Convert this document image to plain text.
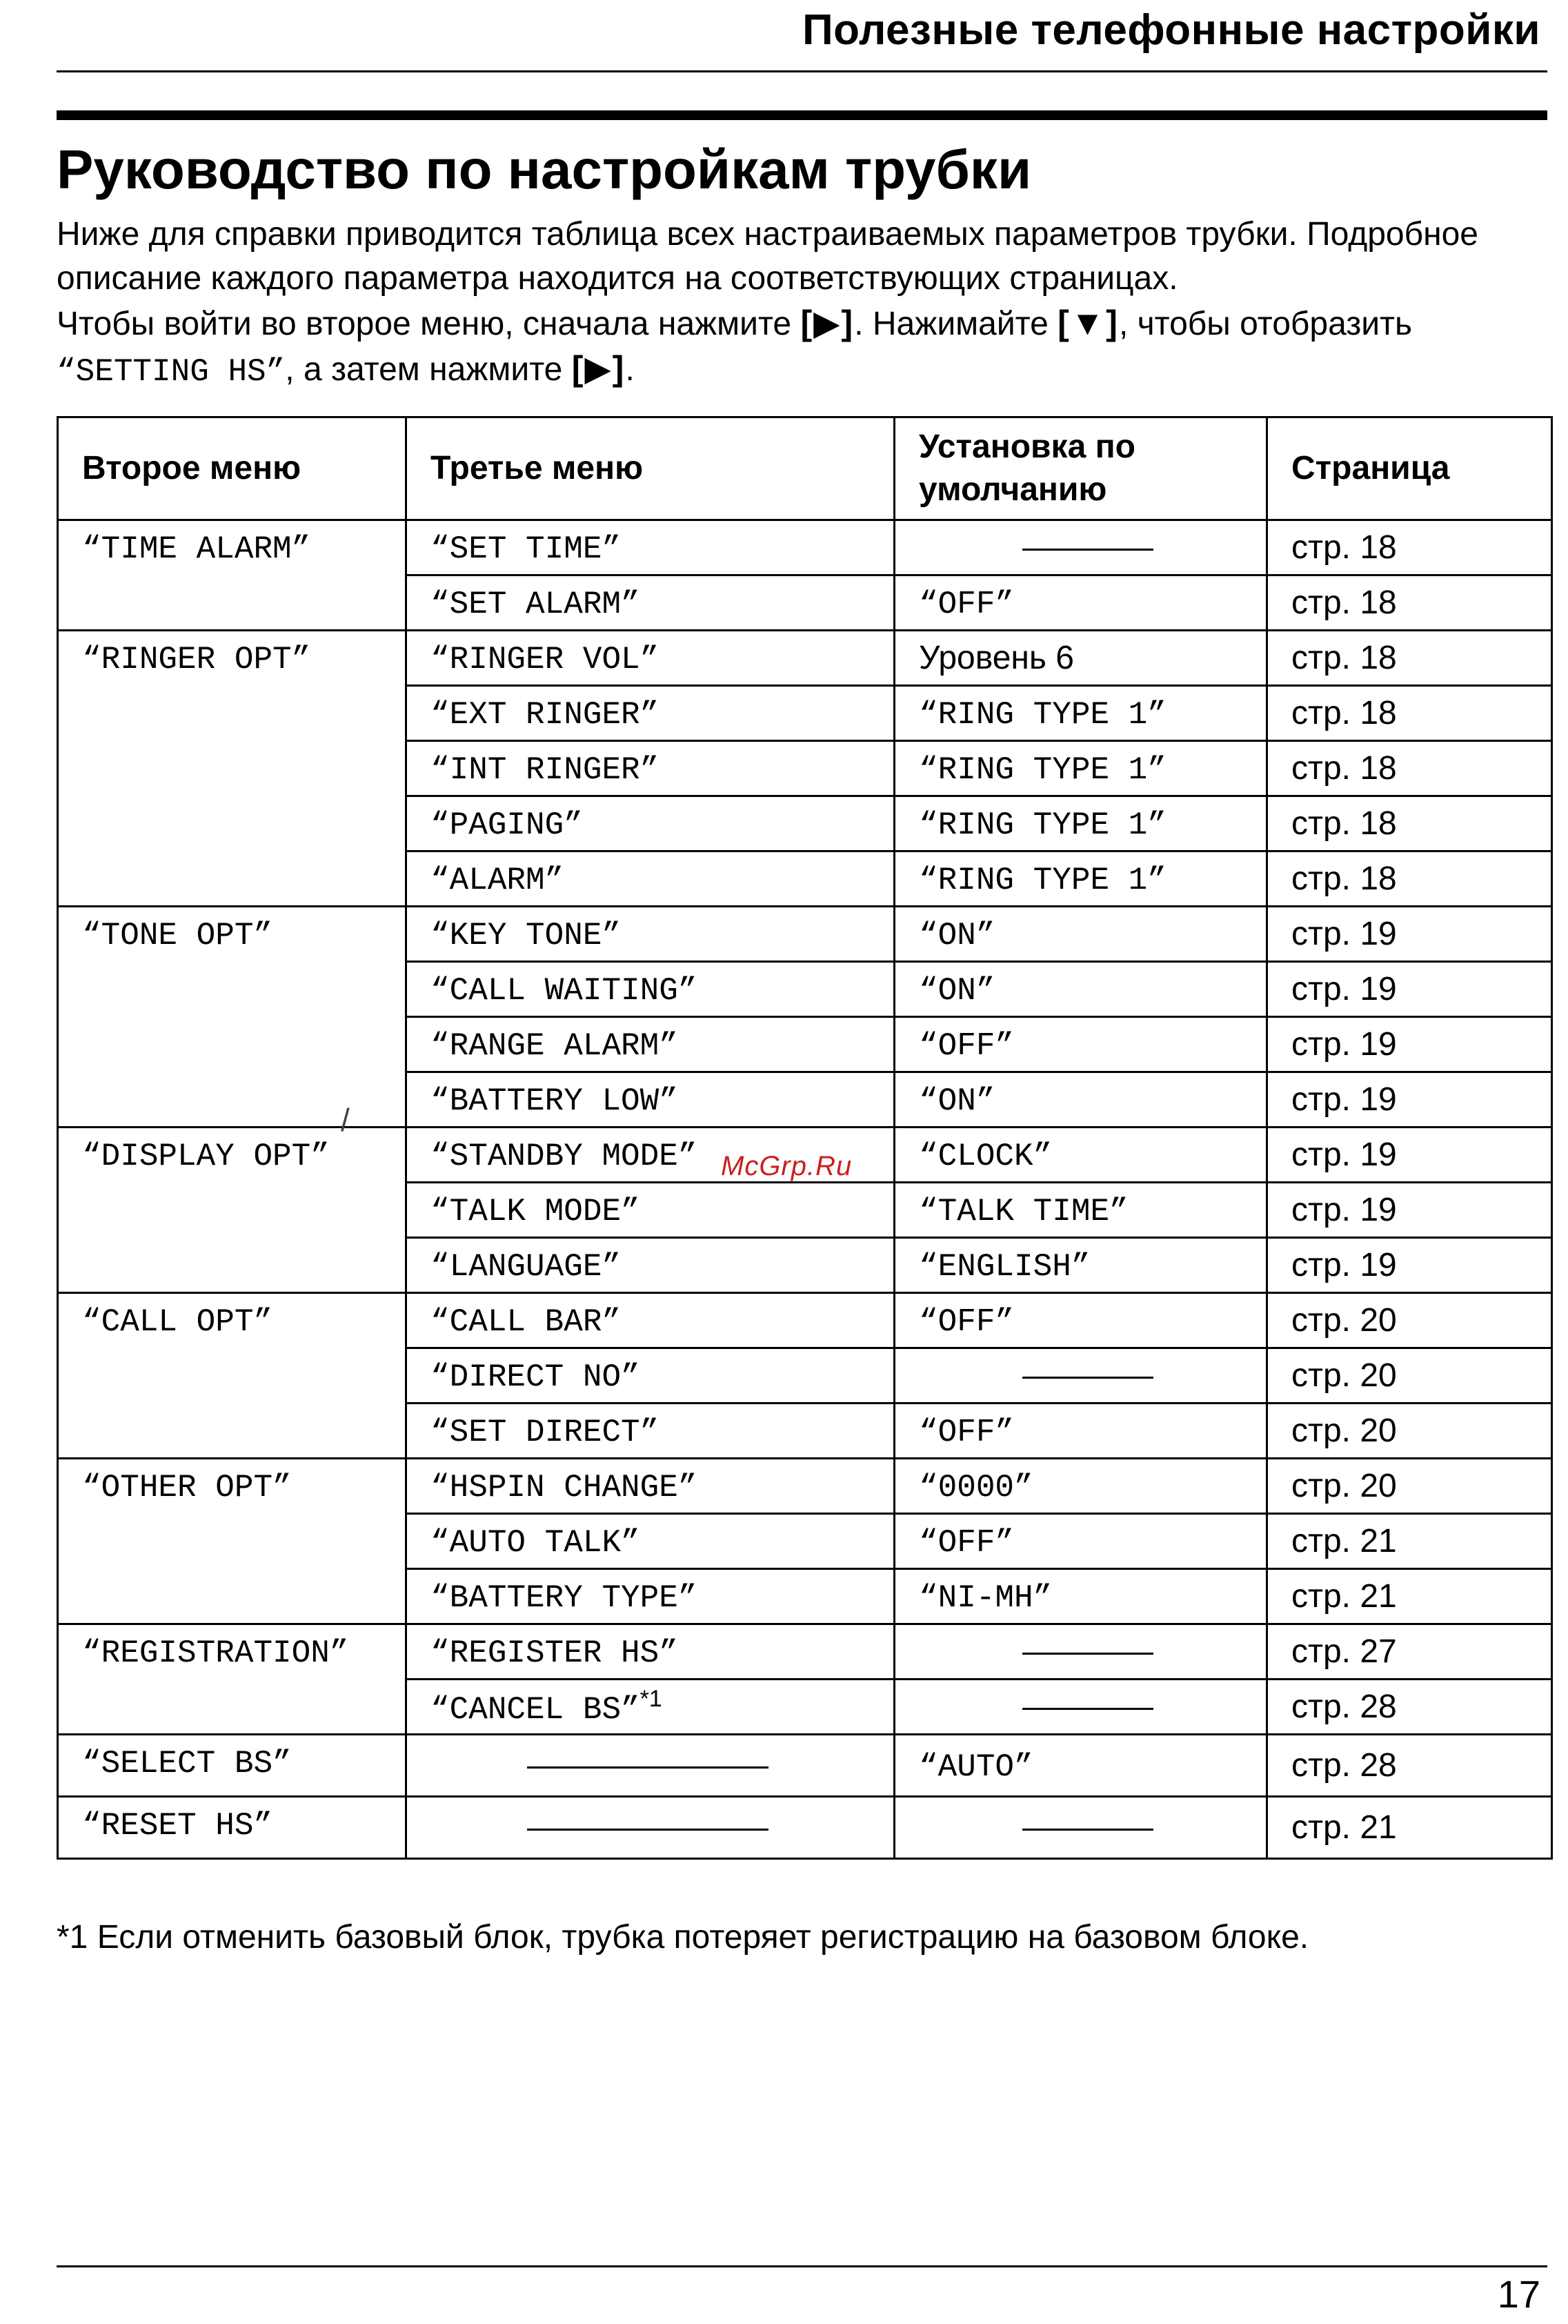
Полезные телефонные настройки
Руководство по настройкам трубки

Ниже для справки приводится таблица всех настраиваемых параметров трубки. Подробное описание каждого параметра находится на соответствующих страницах.

Чтобы войти во второе меню, сначала нажмите [▶]. Нажимайте [▼], чтобы отобразить
“SETTING HS”, а затем нажмите [▶].

Второе меню	Третье меню	Установка по умолчанию	Страница
“TIME ALARM”	“SET TIME”		стр. 18
	“SET ALARM”	“OFF”	стр. 18
“RINGER OPT”	“RINGER VOL”	Уровень 6	стр. 18
	“EXT RINGER”	“RING TYPE 1”	стр. 18
	“INT RINGER”	“RING TYPE 1”	стр. 18
	“PAGING”	“RING TYPE 1”	стр. 18
	“ALARM”	“RING TYPE 1”	стр. 18
“TONE OPT”	“KEY TONE”	“ON”	стр. 19
	“CALL WAITING”	“ON”	стр. 19
	“RANGE ALARM”	“OFF”	стр. 19
	“BATTERY LOW”	“ON”	стр. 19
“DISPLAY OPT”	“STANDBY MODE”	“CLOCK”	стр. 19
	“TALK MODE”	“TALK TIME”	стр. 19
	“LANGUAGE”	“ENGLISH”	стр. 19
“CALL OPT”	“CALL BAR”	“OFF”	стр. 20
	“DIRECT NO”		стр. 20
	“SET DIRECT”	“OFF”	стр. 20
“OTHER OPT”	“HSPIN CHANGE”	“0000”	стр. 20
	“AUTO TALK”	“OFF”	стр. 21
	“BATTERY TYPE”	“NI-MH”	стр. 21
“REGISTRATION”	“REGISTER HS”		стр. 27
	“CANCEL BS”$^{*1}$		стр. 28
“SELECT BS”		“AUTO”	стр. 28
“RESET HS”			стр. 21
McGrp.Ru
/
*1 Если отменить базовый блок, трубка потеряет регистрацию на базовом блоке.
17
